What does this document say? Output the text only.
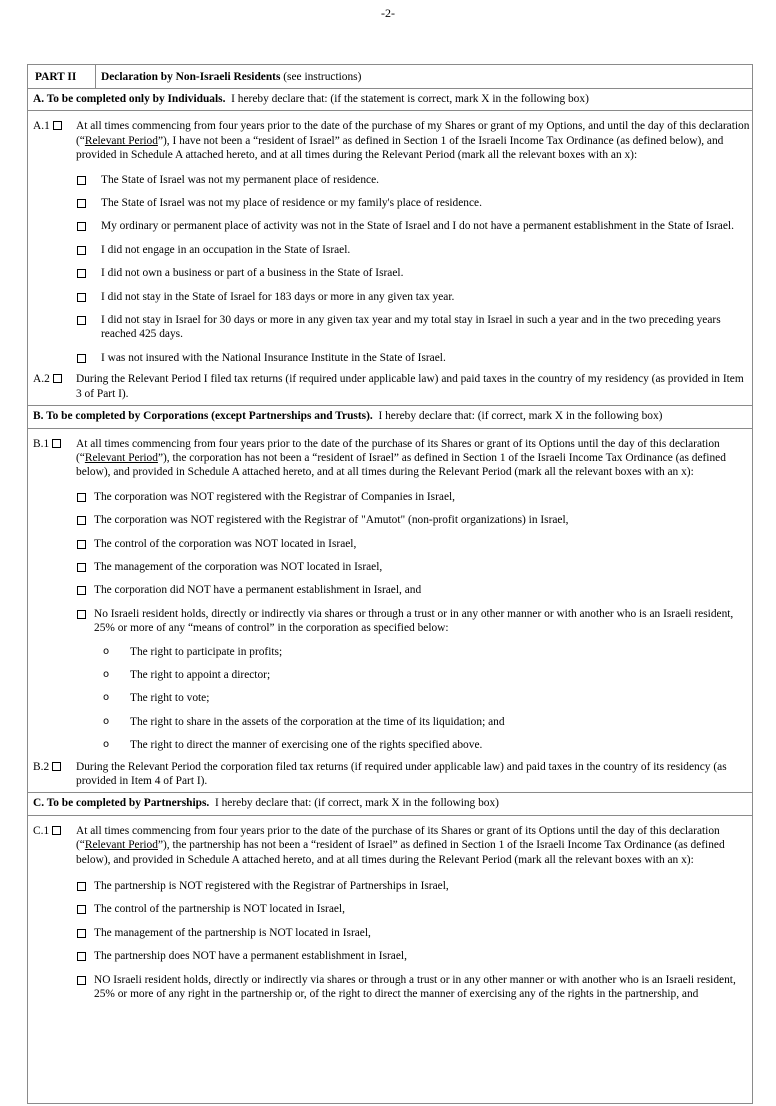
-2-
PART II	Declaration by Non-Israeli Residents (see instructions)
A. To be completed only by Individuals. I hereby declare that: (if the statement is correct, mark X in the following box)
A.1	At all times commencing from four years prior to the date of the purchase of my Shares or grant of my Options, and until the day of this declaration (“Relevant Period”), I have not been a “resident of Israel” as defined in Section 1 of the Israeli Income Tax Ordinance (as defined below), and provided in Schedule A attached hereto, and at all times during the Relevant Period (mark all the relevant boxes with an x):
The State of Israel was not my permanent place of residence.
The State of Israel was not my place of residence or my family's place of residence.
My ordinary or permanent place of activity was not in the State of Israel and I do not have a permanent establishment in the State of Israel.
I did not engage in an occupation in the State of Israel.
I did not own a business or part of a business in the State of Israel.
I did not stay in the State of Israel for 183 days or more in any given tax year.
I did not stay in Israel for 30 days or more in any given tax year and my total stay in Israel in such a year and in the two preceding years reached 425 days.
I was not insured with the National Insurance Institute in the State of Israel.
A.2	During the Relevant Period I filed tax returns (if required under applicable law) and paid taxes in the country of my residency (as provided in Item 3 of Part I).
B. To be completed by Corporations (except Partnerships and Trusts). I hereby declare that: (if correct, mark X in the following box)
B.1	At all times commencing from four years prior to the date of the purchase of its Shares or grant of its Options until the day of this declaration (“Relevant Period”), the corporation has not been a “resident of Israel” as defined in Section 1 of the Israeli Income Tax Ordinance (as defined below), and provided in Schedule A attached hereto, and at all times during the Relevant Period (mark all the relevant boxes with an x):
The corporation was NOT registered with the Registrar of Companies in Israel,
The corporation was NOT registered with the Registrar of "Amutot" (non-profit organizations) in Israel,
The control of the corporation was NOT located in Israel,
The management of the corporation was NOT located in Israel,
The corporation did NOT have a permanent establishment in Israel, and
No Israeli resident holds, directly or indirectly via shares or through a trust or in any other manner or with another who is an Israeli resident, 25% or more of any “means of control” in the corporation as specified below:
o The right to participate in profits;
o The right to appoint a director;
o The right to vote;
o The right to share in the assets of the corporation at the time of its liquidation; and
o The right to direct the manner of exercising one of the rights specified above.
B.2	During the Relevant Period the corporation filed tax returns (if required under applicable law) and paid taxes in the country of its residency (as provided in Item 4 of Part I).
C. To be completed by Partnerships. I hereby declare that: (if correct, mark X in the following box)
C.1	At all times commencing from four years prior to the date of the purchase of its Shares or grant of its Options until the day of this declaration (“Relevant Period”), the partnership has not been a “resident of Israel” as defined in Section 1 of the Israeli Income Tax Ordinance (as defined below), and provided in Schedule A attached hereto, and at all times during the Relevant Period (mark all the relevant boxes with an x):
The partnership is NOT registered with the Registrar of Partnerships in Israel,
The control of the partnership is NOT located in Israel,
The management of the partnership is NOT located in Israel,
The partnership does NOT have a permanent establishment in Israel,
NO Israeli resident holds, directly or indirectly via shares or through a trust or in any other manner or with another who is an Israeli resident, 25% or more of any right in the partnership or, of the right to direct the manner of exercising any of the rights in the partnership, and
